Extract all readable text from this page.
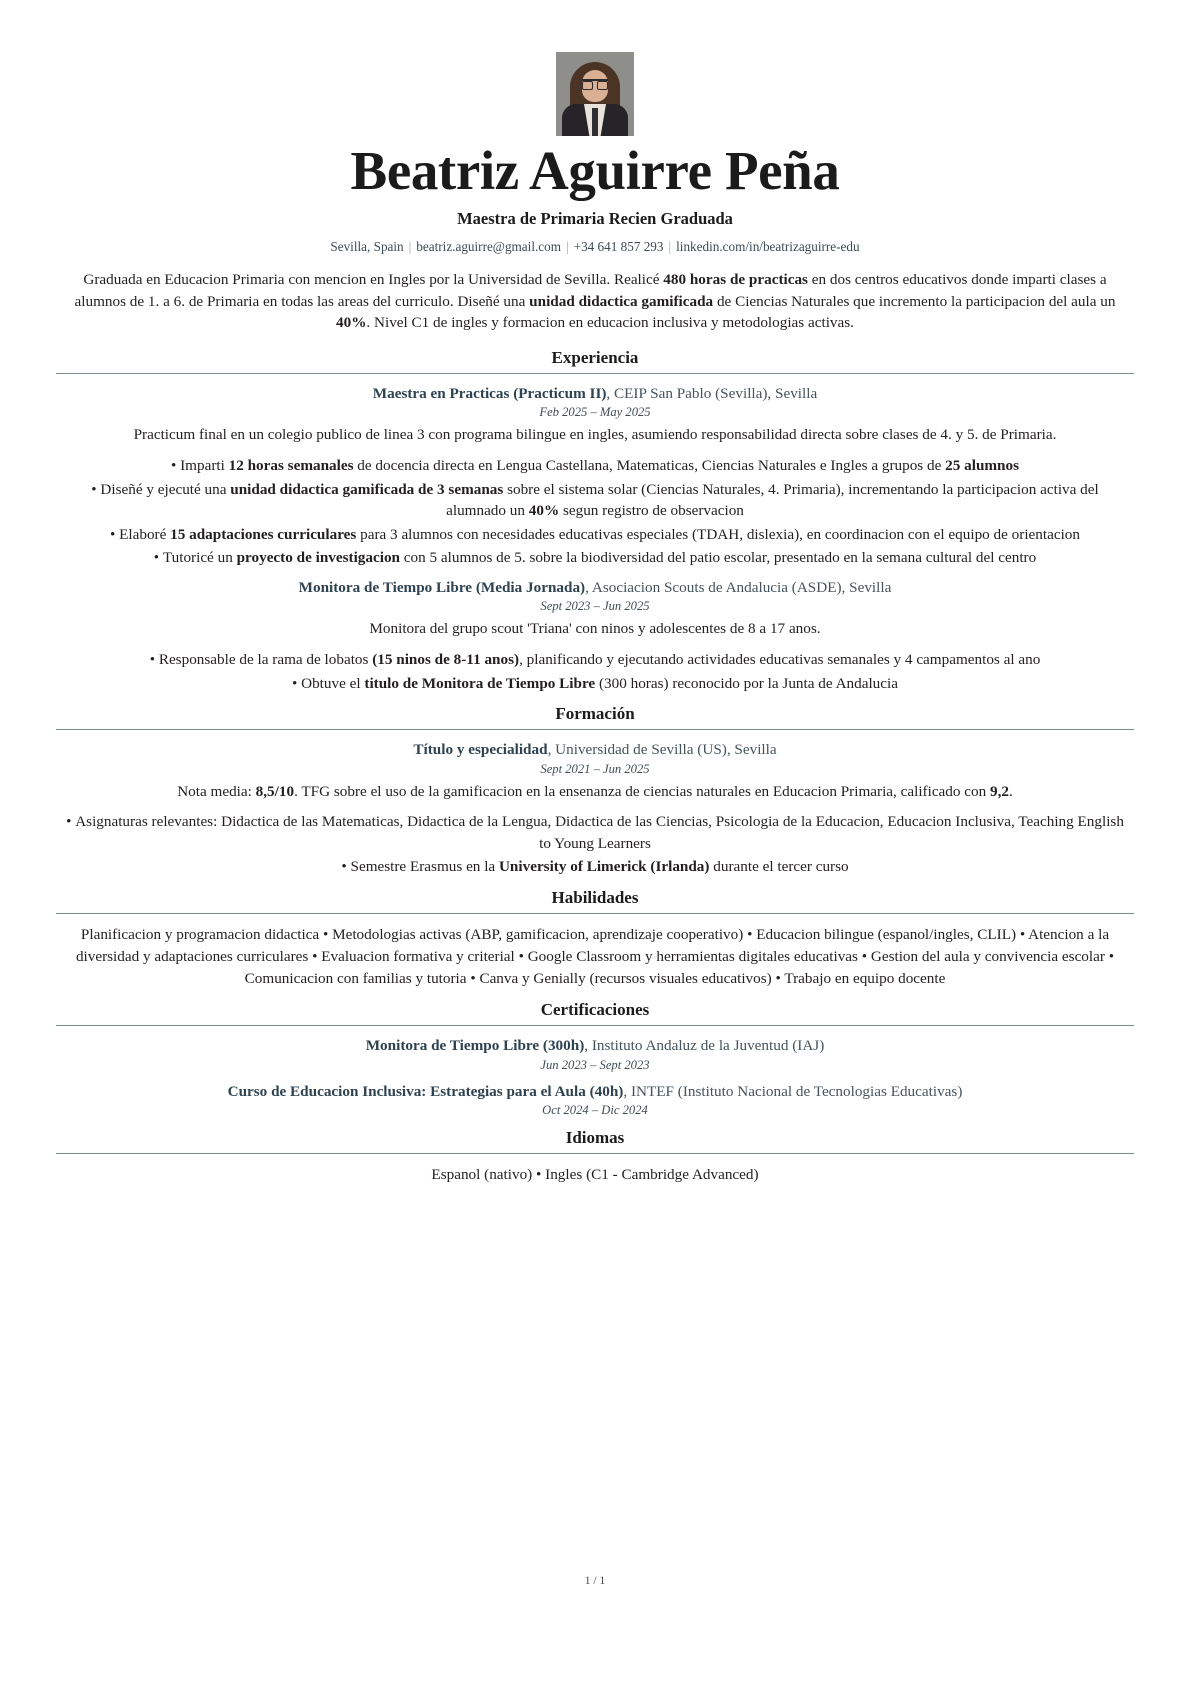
Beatriz Aguirre Peña
Maestra de Primaria Recien Graduada
Sevilla, Spain | beatriz.aguirre@gmail.com | +34 641 857 293 | linkedin.com/in/beatrizaguirre-edu
Graduada en Educacion Primaria con mencion en Ingles por la Universidad de Sevilla. Realicé 480 horas de practicas en dos centros educativos donde imparti clases a alumnos de 1. a 6. de Primaria en todas las areas del curriculo. Diseñé una unidad didactica gamificada de Ciencias Naturales que incremento la participacion del aula un 40%. Nivel C1 de ingles y formacion en educacion inclusiva y metodologias activas.
Experiencia
Maestra en Practicas (Practicum II), CEIP San Pablo (Sevilla), Sevilla
Feb 2025 – May 2025
Practicum final en un colegio publico de linea 3 con programa bilingue en ingles, asumiendo responsabilidad directa sobre clases de 4. y 5. de Primaria.
• Imparti 12 horas semanales de docencia directa en Lengua Castellana, Matematicas, Ciencias Naturales e Ingles a grupos de 25 alumnos
• Diseñé y ejecuté una unidad didactica gamificada de 3 semanas sobre el sistema solar (Ciencias Naturales, 4. Primaria), incrementando la participacion activa del alumnado un 40% segun registro de observacion
• Elaboré 15 adaptaciones curriculares para 3 alumnos con necesidades educativas especiales (TDAH, dislexia), en coordinacion con el equipo de orientacion
• Tutoricé un proyecto de investigacion con 5 alumnos de 5. sobre la biodiversidad del patio escolar, presentado en la semana cultural del centro
Monitora de Tiempo Libre (Media Jornada), Asociacion Scouts de Andalucia (ASDE), Sevilla
Sept 2023 – Jun 2025
Monitora del grupo scout 'Triana' con ninos y adolescentes de 8 a 17 anos.
• Responsable de la rama de lobatos (15 ninos de 8-11 anos), planificando y ejecutando actividades educativas semanales y 4 campamentos al ano
• Obtuve el titulo de Monitora de Tiempo Libre (300 horas) reconocido por la Junta de Andalucia
Formación
Título y especialidad, Universidad de Sevilla (US), Sevilla
Sept 2021 – Jun 2025
Nota media: 8,5/10. TFG sobre el uso de la gamificacion en la ensenanza de ciencias naturales en Educacion Primaria, calificado con 9,2.
• Asignaturas relevantes: Didactica de las Matematicas, Didactica de la Lengua, Didactica de las Ciencias, Psicologia de la Educacion, Educacion Inclusiva, Teaching English to Young Learners
• Semestre Erasmus en la University of Limerick (Irlanda) durante el tercer curso
Habilidades
Planificacion y programacion didactica • Metodologias activas (ABP, gamificacion, aprendizaje cooperativo) • Educacion bilingue (espanol/ingles, CLIL) • Atencion a la diversidad y adaptaciones curriculares • Evaluacion formativa y criterial • Google Classroom y herramientas digitales educativas • Gestion del aula y convivencia escolar • Comunicacion con familias y tutoria • Canva y Genially (recursos visuales educativos) • Trabajo en equipo docente
Certificaciones
Monitora de Tiempo Libre (300h), Instituto Andaluz de la Juventud (IAJ)
Jun 2023 – Sept 2023
Curso de Educacion Inclusiva: Estrategias para el Aula (40h), INTEF (Instituto Nacional de Tecnologias Educativas)
Oct 2024 – Dic 2024
Idiomas
Espanol (nativo) • Ingles (C1 - Cambridge Advanced)
1 / 1
